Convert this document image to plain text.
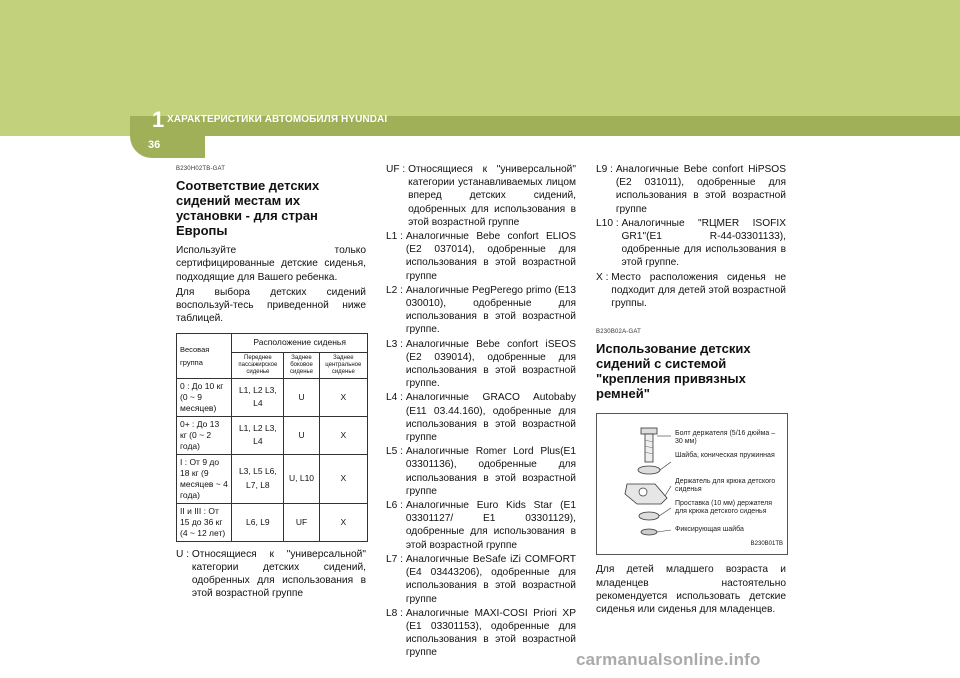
1 ХАРАКТЕРИСТИКИ АВТОМОБИЛЯ HYUNDAI
36
B230H02TB-GAT
Соответствие детских сидений местам их установки - для стран Европы

Используйте только сертифицированные детские сиденья, подходящие для Вашего ребенка.

Для выбора детских сидений воспользуй-тесь приведенной ниже таблицей.

Весовая группа	Расположение сиденья		
	Переднее пассажирское сиденье	Заднее боковое сиденье	Заднее центральное сиденье
0 : До 10 кг (0 ~ 9 месяцев)	L1, L2 L3, L4	U	X
0+ : До 13 кг (0 ~ 2 года)	L1, L2 L3, L4	U	X
I : От 9 до 18 кг (9 месяцев ~ 4 года)	L3, L5 L6, L7, L8	U, L10	X
II и III : От 15 до 36 кг (4 ~ 12 лет)	L6, L9	UF	X
U : Относящиеся к "универсальной" категории детских сидений, одобренных для использования в этой возрастной группе
UF : Относящиеся к "универсальной" категории устанавливаемых лицом вперед детских сидений, одобренных для использования в этой возрастной группе
L1 : Аналогичные Bebe confort ELIOS (E2 037014), одобренные для использования в этой возрастной группе
L2 : Аналогичные PegPerego primo (E13 030010), одобренные для использования в этой возрастной группе.
L3 : Аналогичные Bebe confort iSEOS (E2 039014), одобренные для использования в этой возрастной группе.
L4 : Аналогичные GRACO Autobaby (E11 03.44.160), одобренные для использования в этой возрастной группе
L5 : Аналогичные Romer Lord Plus(E1 03301136), одобренные для использования в этой возрастной группе
L6 : Аналогичные Euro Kids Star (E1 03301127/ E1 03301129), одобренные для использования в этой возрастной группе
L7 : Аналогичные BeSafe iZi COMFORT (E4 03443206), одобренные для использования в этой возрастной группе
L8 : Аналогичные MAXI-COSI Priori XP (E1 03301153), одобренные для использования в этой возрастной группе
L9 : Аналогичные Bebe confort HiPSOS (E2 031011), одобренные для использования в этой возрастной группе
L10 : Аналогичные "RЦMER ISOFIX GR1"(E1 R-44-03301133), одобренные для использования в этой группе.
X : Место расположения сиденья не подходит для детей этой возрастной группы.
B230B02A-GAT
Использование детских сидений с системой "крепления привязных ремней"
Болт держателя (5/16 дюйма – 30 мм)
Шайба, коническая пружинная
Держатель для крюка детского сиденья
Проставка (10 мм) держателя для крюка детского сиденья
Фиксирующая шайба
B230B01TB

Для детей младшего возраста и младенцев настоятельно рекомендуется использовать детские сиденья или сиденья для младенцев.

carmanualsonline.info
